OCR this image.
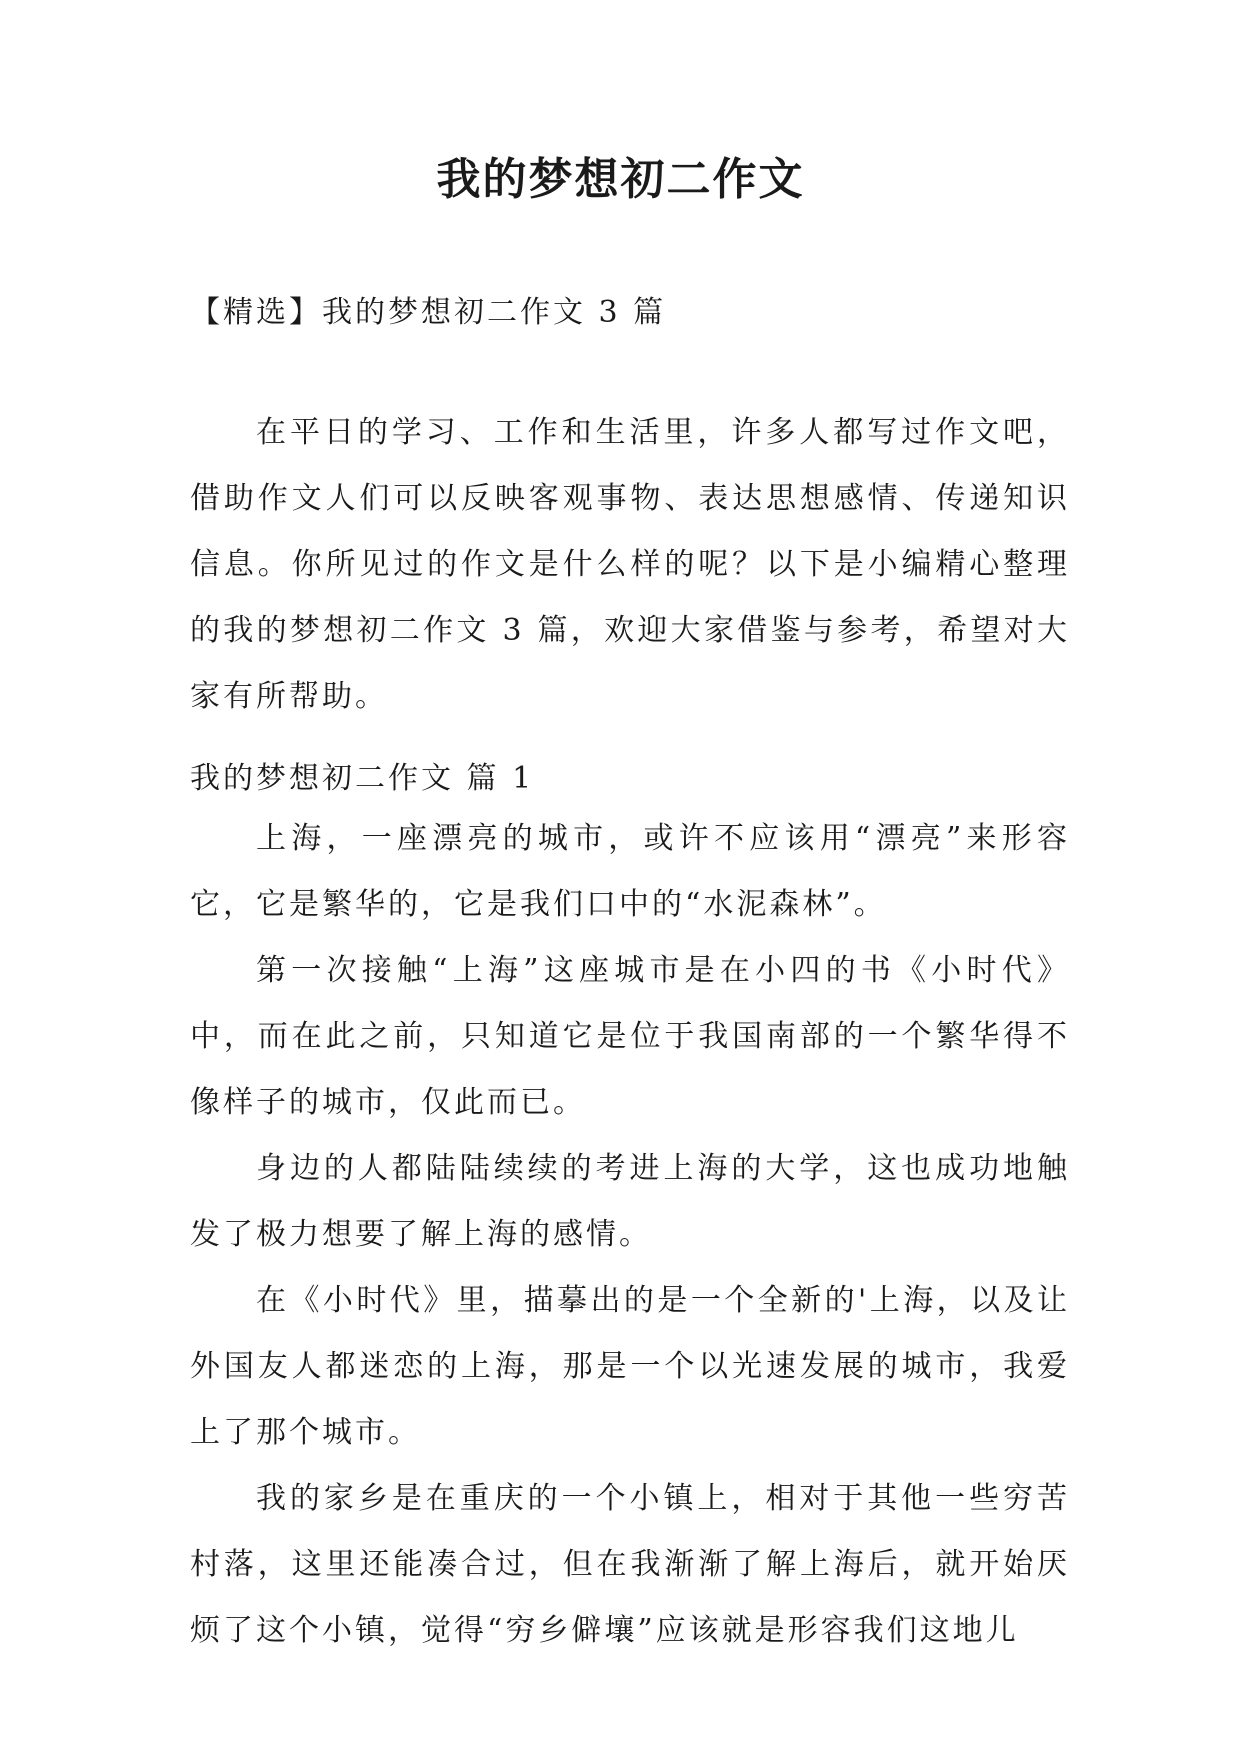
我的梦想初二作文
【精选】我的梦想初二作文 3 篇

在平日的学习、工作和生活里，许多人都写过作文吧，借助作文人们可以反映客观事物、表达思想感情、传递知识信息。你所见过的作文是什么样的呢？以下是小编精心整理的我的梦想初二作文 3 篇，欢迎大家借鉴与参考，希望对大家有所帮助。

我的梦想初二作文 篇 1

上海，一座漂亮的城市，或许不应该用“漂亮”来形容它，它是繁华的，它是我们口中的“水泥森林”。

第一次接触“上海”这座城市是在小四的书《小时代》中，而在此之前，只知道它是位于我国南部的一个繁华得不像样子的城市，仅此而已。

身边的人都陆陆续续的考进上海的大学，这也成功地触发了极力想要了解上海的感情。

在《小时代》里，描摹出的是一个全新的'上海，以及让外国友人都迷恋的上海，那是一个以光速发展的城市，我爱上了那个城市。

我的家乡是在重庆的一个小镇上，相对于其他一些穷苦村落，这里还能凑合过，但在我渐渐了解上海后，就开始厌烦了这个小镇，觉得“穷乡僻壤”应该就是形容我们这地儿
